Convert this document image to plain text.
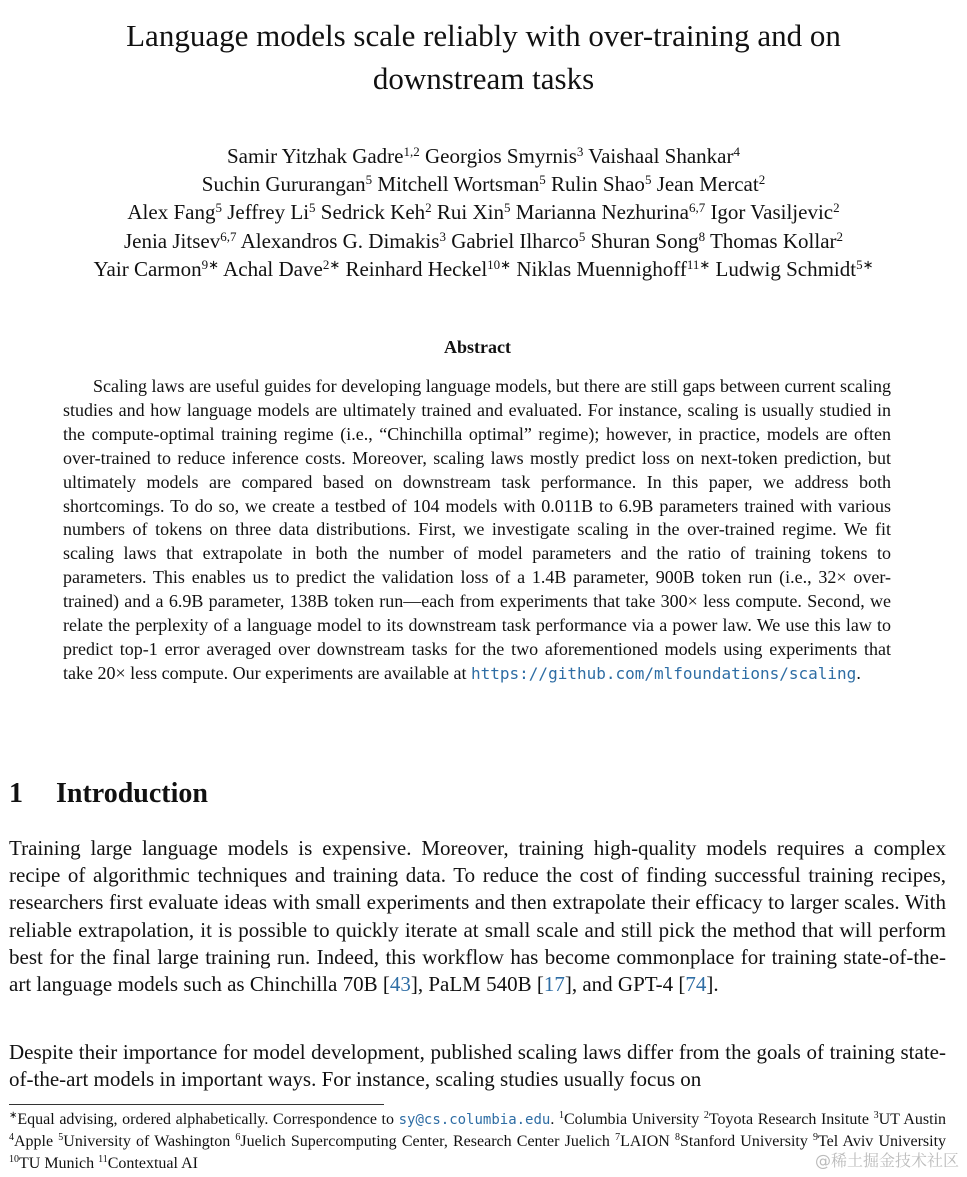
Language models scale reliably with over-training and on
downstream tasks
Samir Yitzhak Gadre$^{1,2}$ Georgios Smyrnis$^3$ Vaishaal Shankar$^4$
Suchin Gururangan$^5$ Mitchell Wortsman$^5$ Rulin Shao$^5$ Jean Mercat$^2$
Alex Fang$^5$ Jeffrey Li$^5$ Sedrick Keh$^2$ Rui Xin$^5$ Marianna Nezhurina$^{6,7}$ Igor Vasiljevic$^2$
Jenia Jitsev$^{6,7}$ Alexandros G. Dimakis$^3$ Gabriel Ilharco$^5$ Shuran Song$^8$ Thomas Kollar$^2$
Yair Carmon$^{9∗}$ Achal Dave$^{2∗}$ Reinhard Heckel$^{10∗}$ Niklas Muennighoff$^{11∗}$ Ludwig Schmidt$^{5∗}$
Abstract
Scaling laws are useful guides for developing language models, but there are still gaps between current scaling studies and how language models are ultimately trained and evaluated. For instance, scaling is usually studied in the compute-optimal training regime (i.e., “Chinchilla optimal” regime); however, in practice, models are often over-trained to reduce inference costs. Moreover, scaling laws mostly predict loss on next-token prediction, but ultimately models are compared based on downstream task performance. In this paper, we address both shortcomings. To do so, we create a testbed of 104 models with 0.011B to 6.9B parameters trained with various numbers of tokens on three data distributions. First, we investigate scaling in the over-trained regime. We fit scaling laws that extrapolate in both the number of model parameters and the ratio of training tokens to parameters. This enables us to predict the validation loss of a 1.4B parameter, 900B token run (i.e., 32× over-trained) and a 6.9B parameter, 138B token run—each from experiments that take 300× less compute. Second, we relate the perplexity of a language model to its downstream task performance via a power law. We use this law to predict top-1 error averaged over downstream tasks for the two aforementioned models using experiments that take 20× less compute. Our experiments are available at https://github.com/mlfoundations/scaling.
1 Introduction
Training large language models is expensive. Moreover, training high-quality models requires a complex recipe of algorithmic techniques and training data. To reduce the cost of finding successful training recipes, researchers first evaluate ideas with small experiments and then extrapolate their efficacy to larger scales. With reliable extrapolation, it is possible to quickly iterate at small scale and still pick the method that will perform best for the final large training run. Indeed, this workflow has become commonplace for training state-of-the-art language models such as Chinchilla 70B [43], PaLM 540B [17], and GPT-4 [74].
Despite their importance for model development, published scaling laws differ from the goals of training state-of-the-art models in important ways. For instance, scaling studies usually focus on
∗Equal advising, ordered alphabetically. Correspondence to sy@cs.columbia.edu. $^1$Columbia University $^2$Toyota Research Insitute $^3$UT Austin $^4$Apple $^5$University of Washington $^6$Juelich Supercomputing Center, Research Center Juelich $^7$LAION $^8$Stanford University $^9$Tel Aviv University $^{10}$TU Munich $^{11}$Contextual AI	@稀土掘金技术社区
